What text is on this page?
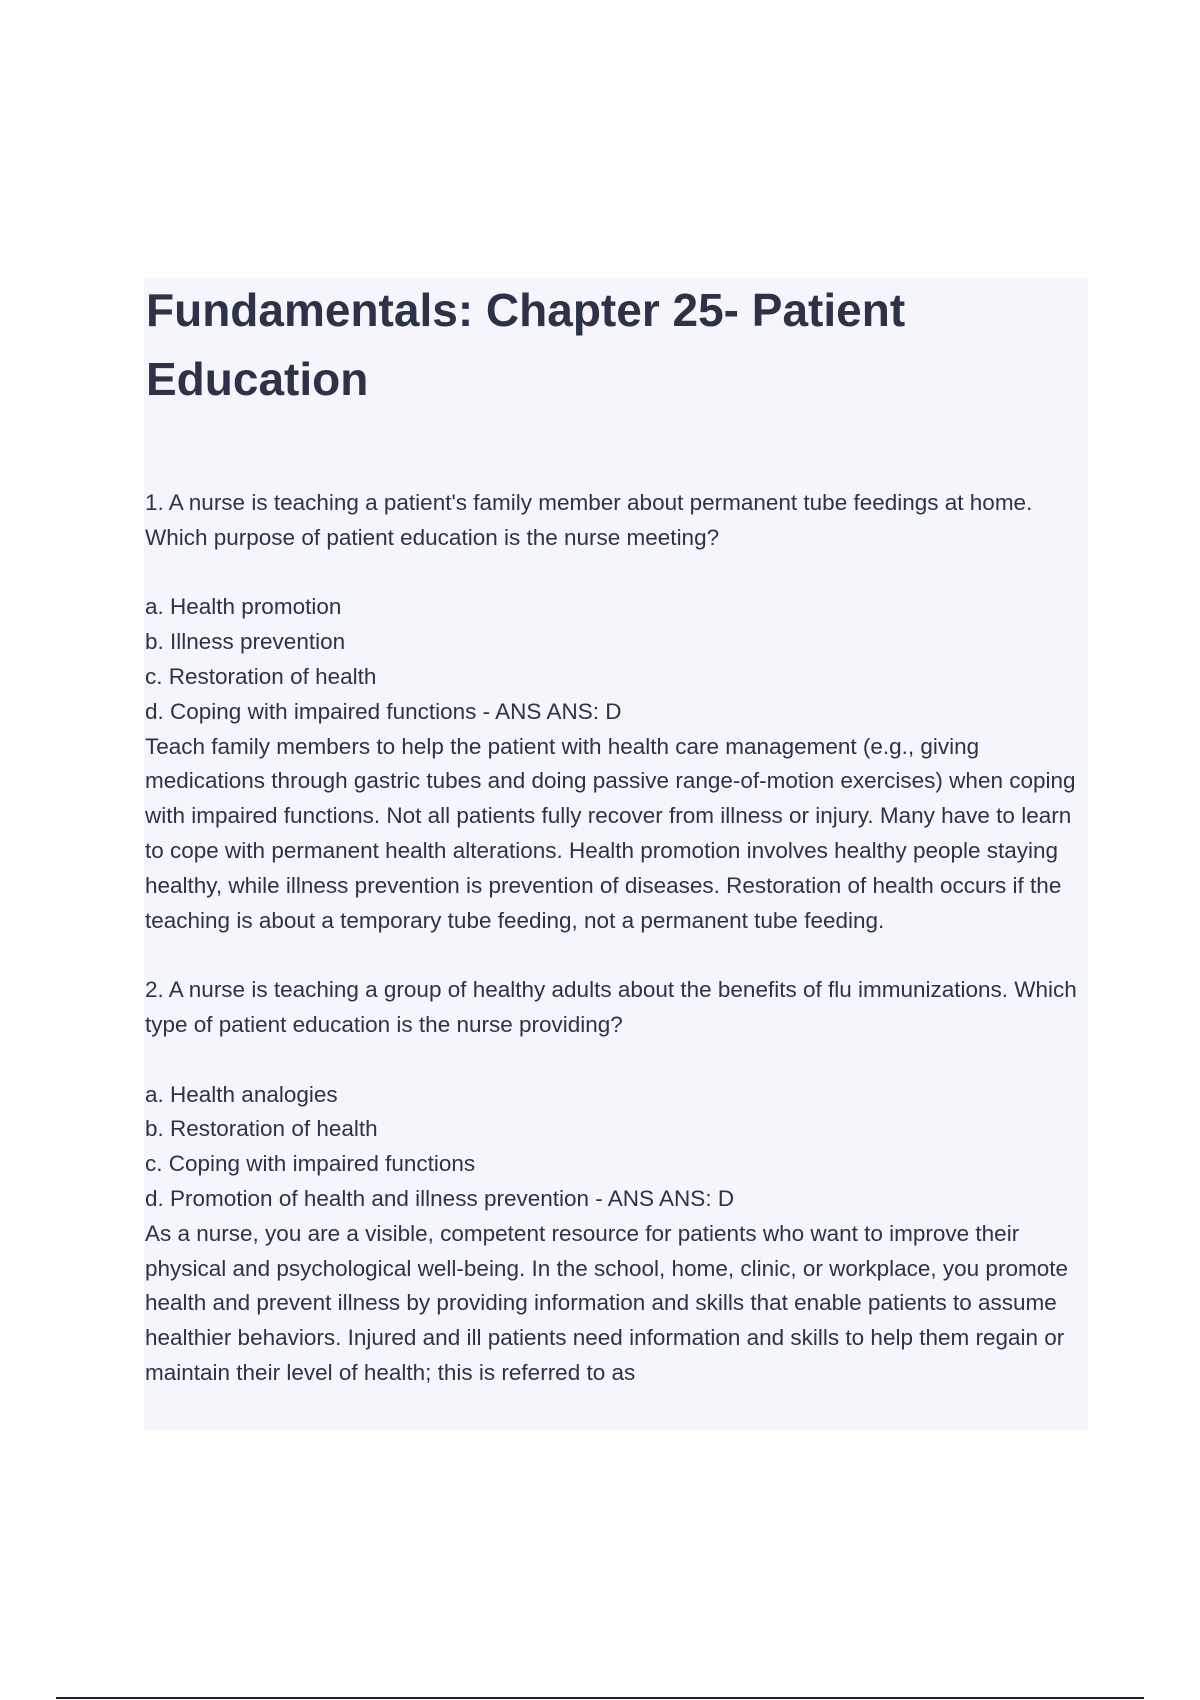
Fundamentals: Chapter 25- Patient Education

1. A nurse is teaching a patient's family member about permanent tube feedings at home. Which purpose of patient education is the nurse meeting?

a. Health promotion
b. Illness prevention
c. Restoration of health
d. Coping with impaired functions - ANS ANS: D

Teach family members to help the patient with health care management (e.g., giving medications through gastric tubes and doing passive range-of-motion exercises) when coping with impaired functions. Not all patients fully recover from illness or injury. Many have to learn to cope with permanent health alterations. Health promotion involves healthy people staying healthy, while illness prevention is prevention of diseases. Restoration of health occurs if the teaching is about a temporary tube feeding, not a permanent tube feeding.

2. A nurse is teaching a group of healthy adults about the benefits of flu immunizations. Which type of patient education is the nurse providing?

a. Health analogies
b. Restoration of health
c. Coping with impaired functions
d. Promotion of health and illness prevention - ANS ANS: D

As a nurse, you are a visible, competent resource for patients who want to improve their physical and psychological well-being. In the school, home, clinic, or workplace, you promote health and prevent illness by providing information and skills that enable patients to assume healthier behaviors. Injured and ill patients need information and skills to help them regain or maintain their level of health; this is referred to as
